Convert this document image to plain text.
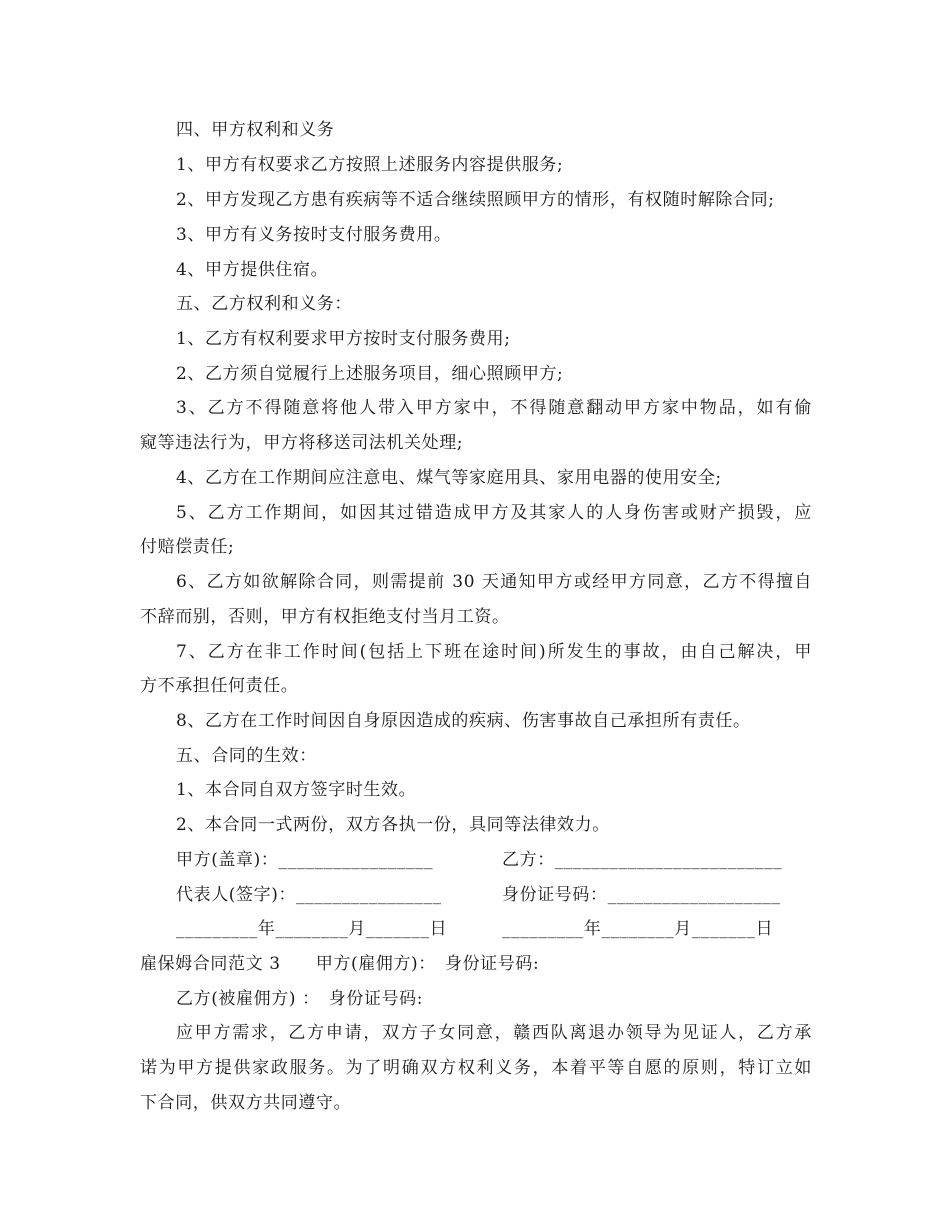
四、甲方权利和义务
1、甲方有权要求乙方按照上述服务内容提供服务;
2、甲方发现乙方患有疾病等不适合继续照顾甲方的情形，有权随时解除合同;
3、甲方有义务按时支付服务费用。
4、甲方提供住宿。
五、乙方权利和义务：
1、乙方有权利要求甲方按时支付服务费用;
2、乙方须自觉履行上述服务项目，细心照顾甲方;
3、乙方不得随意将他人带入甲方家中，不得随意翻动甲方家中物品，如有偷
窥等违法行为，甲方将移送司法机关处理;
4、乙方在工作期间应注意电、煤气等家庭用具、家用电器的使用安全;
5、乙方工作期间，如因其过错造成甲方及其家人的人身伤害或财产损毁，应
付赔偿责任;
6、乙方如欲解除合同，则需提前 30 天通知甲方或经甲方同意，乙方不得擅自
不辞而别，否则，甲方有权拒绝支付当月工资。
7、乙方在非工作时间(包括上下班在途时间)所发生的事故，由自己解决，甲
方不承担任何责任。
8、乙方在工作时间因自身原因造成的疾病、伤害事故自己承担所有责任。
五、合同的生效：
1、本合同自双方签字时生效。
2、本合同一式两份，双方各执一份，具同等法律效力。
甲方(盖章)：_________________	乙方：_________________________
代表人(签字)：________________	身份证号码：___________________
_________年________月_______日	_________年________月_______日
雇保姆合同范文 3　　甲方(雇佣方)：　身份证号码:
乙方(被雇佣方) ：　身份证号码:
应甲方需求，乙方申请，双方子女同意，赣西队离退办领导为见证人，乙方承
诺为甲方提供家政服务。为了明确双方权利义务，本着平等自愿的原则，特订立如
下合同，供双方共同遵守。
